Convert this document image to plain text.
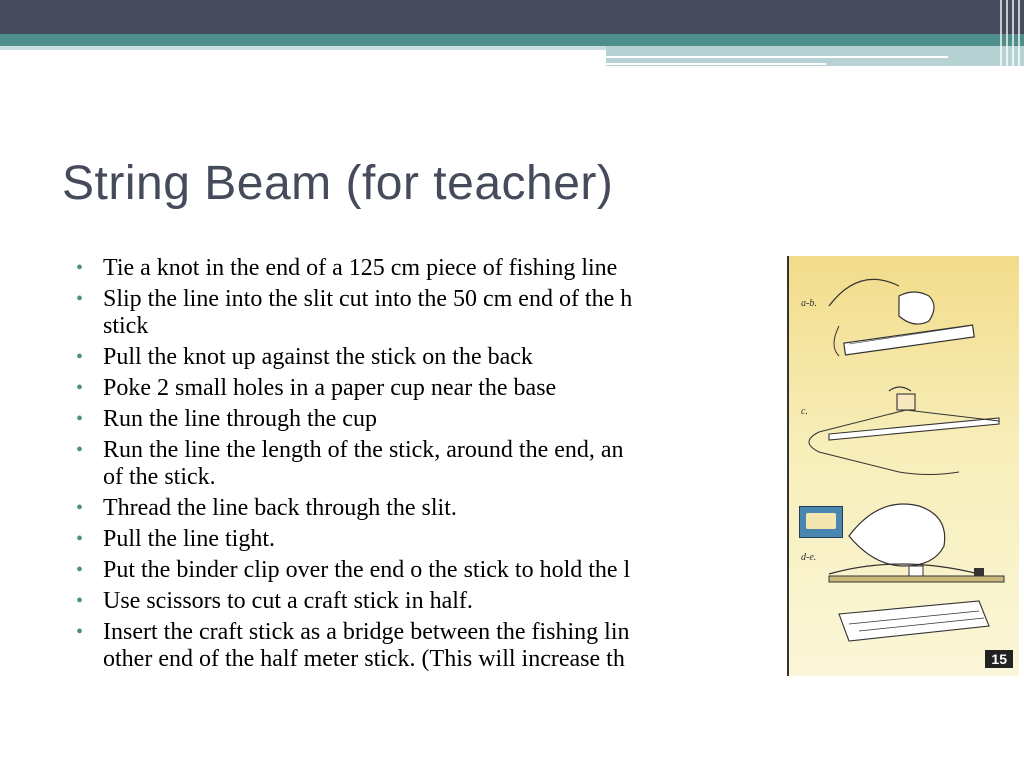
String Beam (for teacher)
• Tie a knot in the end of a 125 cm piece of fishing line
• Slip the line into the slit cut into the 50 cm end of the h
stick
• Pull the knot up against the stick on the back
• Poke 2 small holes in a paper cup near the base
• Run the line through the cup
• Run the line the length of the stick, around the end, an
of the stick.
• Thread the line back through the slit.
• Pull the line tight.
• Put the binder clip over the end o the stick to hold the l
• Use scissors to cut a craft stick in half.
• Insert the craft stick as a bridge between the fishing lin
other end of the half meter stick. (This will increase th
a-b.
c.
d-e.
15
